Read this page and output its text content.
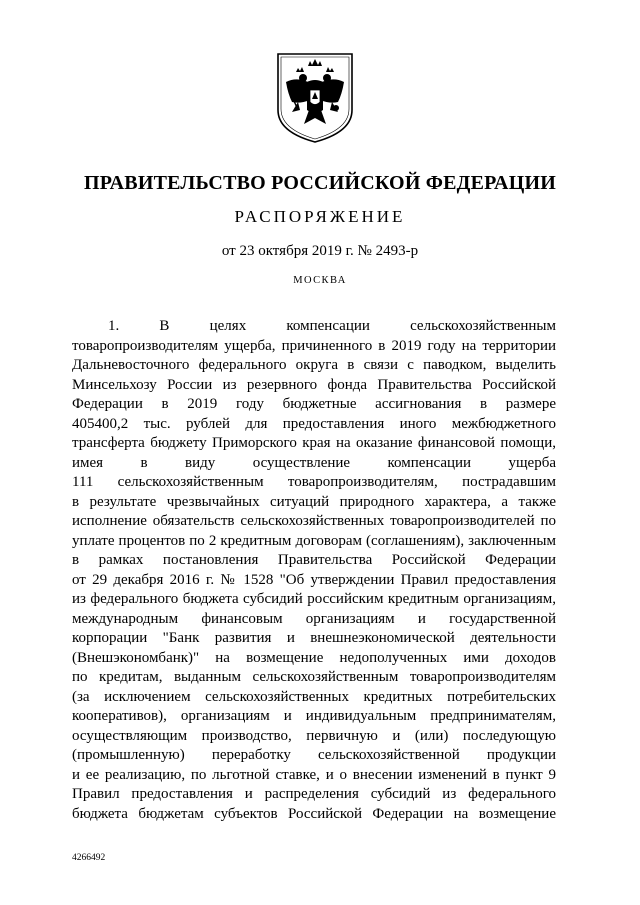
ПРАВИТЕЛЬСТВО РОССИЙСКОЙ ФЕДЕРАЦИИ
РАСПОРЯЖЕНИЕ
от 23 октября 2019 г. № 2493-р
МОСКВА
1. В целях компенсации сельскохозяйственным
товаропроизводителям ущерба, причиненного в 2019 году на территории
Дальневосточного федерального округа в связи с паводком, выделить
Минсельхозу России из резервного фонда Правительства Российской
Федерации в 2019 году бюджетные ассигнования в размере
405400,2 тыс. рублей для предоставления иного межбюджетного
трансферта бюджету Приморского края на оказание финансовой помощи,
имея в виду осуществление компенсации ущерба
111 сельскохозяйственным товаропроизводителям, пострадавшим
в результате чрезвычайных ситуаций природного характера, а также
исполнение обязательств сельскохозяйственных товаропроизводителей по
уплате процентов по 2 кредитным договорам (соглашениям), заключенным
в рамках постановления Правительства Российской Федерации
от 29 декабря 2016 г. № 1528 "Об утверждении Правил предоставления
из федерального бюджета субсидий российским кредитным организациям,
международным финансовым организациям и государственной
корпорации "Банк развития и внешнеэкономической деятельности
(Внешэкономбанк)" на возмещение недополученных ими доходов
по кредитам, выданным сельскохозяйственным товаропроизводителям
(за исключением сельскохозяйственных кредитных потребительских
кооперативов), организациям и индивидуальным предпринимателям,
осуществляющим производство, первичную и (или) последующую
(промышленную) переработку сельскохозяйственной продукции
и ее реализацию, по льготной ставке, и о внесении изменений в пункт 9
Правил предоставления и распределения субсидий из федерального
бюджета бюджетам субъектов Российской Федерации на возмещение
4266492
